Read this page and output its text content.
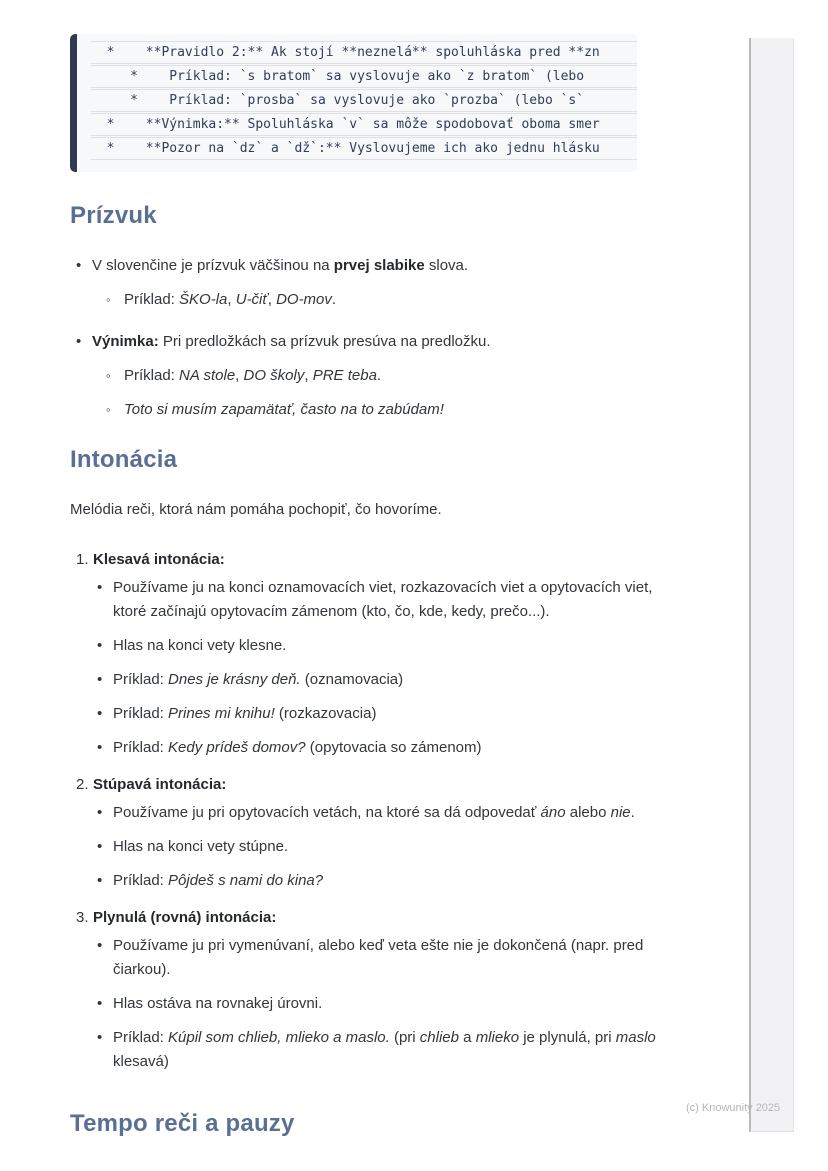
*    **Pravidlo 2:** Ak stojí **neznelá** spoluhláska pred **zn
*    Príklad: `s bratom` sa vyslovuje ako `z bratom` (lebo
*    Príklad: `prosba` sa vyslovuje ako `prozba` (lebo `s`
*    **Výnimka:** Spoluhláska `v` sa môže spodobovať oboma smer
*    **Pozor na `dz` a `dž`:** Vyslovujeme ich ako jednu hlásku
Prízvuk
• V slovenčine je prízvuk väčšinou na prvej slabike slova.
◦ Príklad: ŠKO-la, U-čiť, DO-mov.
• Výnimka: Pri predložkách sa prízvuk presúva na predložku.
◦ Príklad: NA stole, DO školy, PRE teba.
◦ Toto si musím zapamätať, často na to zabúdam!
Intonácia

Melódia reči, ktorá nám pomáha pochopiť, čo hovoríme.

1. Klesavá intonácia:
• Používame ju na konci oznamovacích viet, rozkazovacích viet a opytovacích viet, ktoré začínajú opytovacím zámenom (kto, čo, kde, kedy, prečo...).
• Hlas na konci vety klesne.
• Príklad: Dnes je krásny deň. (oznamovacia)
• Príklad: Prines mi knihu! (rozkazovacia)
• Príklad: Kedy prídeš domov? (opytovacia so zámenom)
2. Stúpavá intonácia:
• Používame ju pri opytovacích vetách, na ktoré sa dá odpovedať áno alebo nie.
• Hlas na konci vety stúpne.
• Príklad: Pôjdeš s nami do kina?
3. Plynulá (rovná) intonácia:
• Používame ju pri vymenúvaní, alebo keď veta ešte nie je dokončená (napr. pred čiarkou).
• Hlas ostáva na rovnakej úrovni.
• Príklad: Kúpil som chlieb, mlieko a maslo. (pri chlieb a mlieko je plynulá, pri maslo klesavá)
Tempo reči a pauzy
(c) Knowunity 2025
